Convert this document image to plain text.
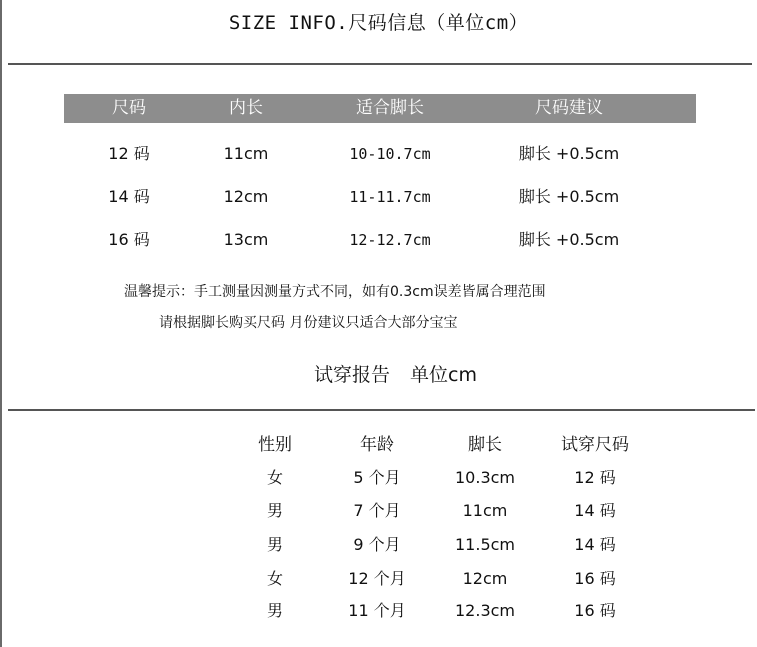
SIZE INFO.尺码信息（单位cm）
尺码	内长	适合脚长	尺码建议
12 码	11cm	10-10.7cm	脚长 +0.5cm
14 码	12cm	11-11.7cm	脚长 +0.5cm
16 码	13cm	12-12.7cm	脚长 +0.5cm
温馨提示：手工测量因测量方式不同，如有0.3cm误差皆属合理范围
请根据脚长购买尺码 月份建议只适合大部分宝宝
试穿报告 单位cm
性别	年龄	脚长	试穿尺码
女	5 个月	10.3cm	12 码
男	7 个月	11cm	14 码
男	9 个月	11.5cm	14 码
女	12 个月	12cm	16 码
男	11 个月	12.3cm	16 码
